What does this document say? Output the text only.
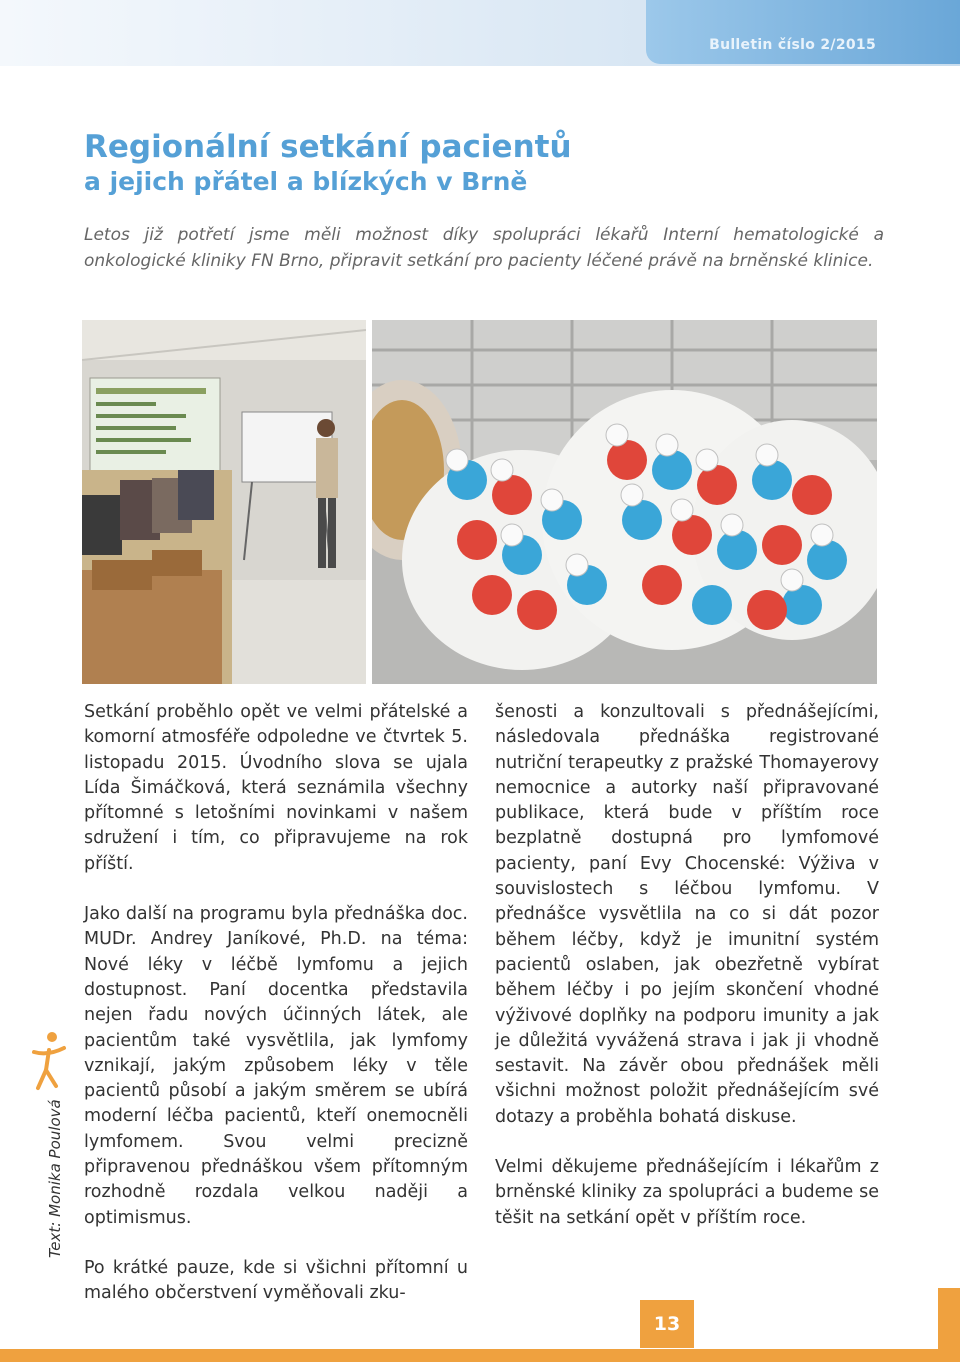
Bulletin číslo 2/2015
Regionální setkání pacientů
a jejich přátel a blízkých v Brně

Letos již potřetí jsme měli možnost díky spolupráci lékařů Interní hematologické a onkologické kliniky FN Brno, připravit setkání pro pacienty léčené právě na brněnské klinice.

Setkání proběhlo opět ve velmi přátelské a komorní atmosféře odpoledne ve čtvrtek 5. listopadu 2015. Úvodního slova se ujala Lída Šimáčková, která seznámila všechny přítomné s letošními novinkami v našem sdružení i tím, co připravujeme na rok příští.

Jako další na programu byla přednáška doc. MUDr. Andrey Janíkové, Ph.D. na téma: Nové léky v léčbě lymfomu a jejich dostupnost. Paní docentka představila nejen řadu nových účinných látek, ale pacientům také vysvětlila, jak lymfomy vznikají, jakým způsobem léky v těle pacientů působí a jakým směrem se ubírá moderní léčba pacientů, kteří onemocněli lymfomem. Svou velmi precizně připravenou přednáškou všem přítomným rozhodně rozdala velkou naději a optimismus.

Po krátké pauze, kde si všichni přítomní u malého občerstvení vyměňovali zku-

šenosti a konzultovali s přednášejícími, následovala přednáška registrované nutriční terapeutky z pražské Thomayerovy nemocnice a autorky naší připravované publikace, která bude v příštím roce bezplatně dostupná pro lymfomové pacienty, paní Evy Chocenské: Výživa v souvislostech s léčbou lymfomu. V přednášce vysvětlila na co si dát pozor během léčby, když je imunitní systém pacientů oslaben, jak obezřetně vybírat během léčby i po jejím skončení vhodné výživové doplňky na podporu imunity a jak je důležitá vyvážená strava i jak ji vhodně sestavit. Na závěr obou přednášek měli všichni možnost položit přednášejícím své dotazy a proběhla bohatá diskuse.

Velmi děkujeme přednášejícím i lékařům z brněnské kliniky za spolupráci a budeme se těšit na setkání opět v příštím roce.

Text: Monika Poulová
13
